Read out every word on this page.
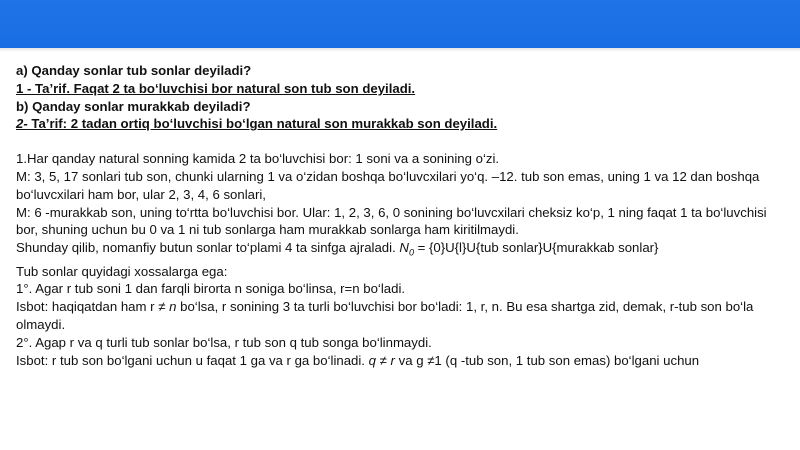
a) Qanday sonlar tub sonlar deyiladi?

1 - Ta’rif. Faqat 2 ta bo‘luvchisi bor natural son tub son deyiladi.

b) Qanday sonlar murakkab deyiladi?

2- Ta’rif: 2 tadan ortiq bo‘luvchisi bo‘lgan natural son murakkab son deyiladi.

1.Har qanday natural sonning kamida 2 ta bo‘luvchisi bor: 1 soni va a sonining o‘zi.

M: 3, 5, 17 sonlari tub son, chunki ularning 1 va o‘zidan boshqa bo‘luvcxilari yo‘q. –12. tub son emas, uning 1 va 12 dan boshqa bo‘luvcxilari ham bor, ular 2, 3, 4, 6 sonlari,

M: 6 -murakkab son, uning to‘rtta bo‘luvchisi bor. Ular: 1, 2, 3, 6, 0 sonining bo‘luvcxilari cheksiz ko‘p, 1 ning faqat 1 ta bo‘luvchisi bor, shuning uchun bu 0 va 1 ni tub sonlarga ham murakkab sonlarga ham kiritilmaydi.

Shunday qilib, nomanfiy butun sonlar to‘plami 4 ta sinfga ajraladi. $N_0 = \{0\}U\{l\}U\{tub$ sonlar}U{murakkab sonlar}

Tub sonlar quyidagi xossalarga ega:

1°. Agar r tub soni 1 dan farqli birorta n soniga bo‘linsa, r=n bo‘ladi.

Isbot: haqiqatdan ham r ≠ n bo‘lsa, r sonining 3 ta turli bo‘luvchisi bor bo‘ladi: 1, r, n. Bu esa shartga zid, demak, r-tub son bo‘la olmaydi.

2°. Agap r va q turli tub sonlar bo‘lsa, r tub son q tub songa bo‘linmaydi.

Isbot: r tub son bo‘lgani uchun u faqat 1 ga va r ga bo‘linadi. q ≠ r va g ≠1 (q -tub son, 1 tub son emas) bo‘lgani uchun
